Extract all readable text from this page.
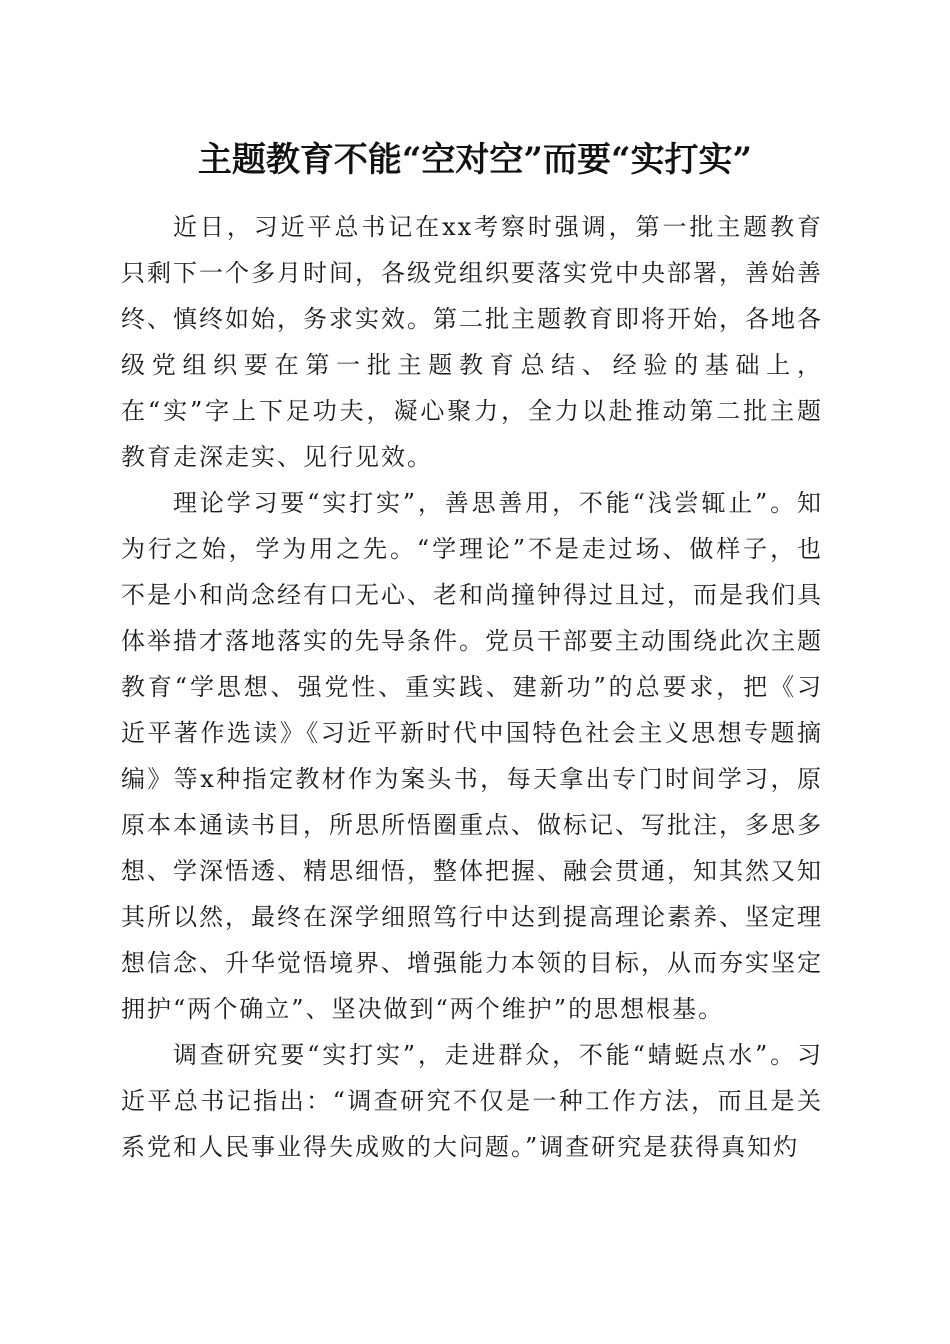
主题教育不能“空对空”而要“实打实”

近日，习近平总书记在xx考察时强调，第一批主题教育只剩下一个多月时间，各级党组织要落实党中央部署，善始善终、慎终如始，务求实效。第二批主题教育即将开始，各地各级党组织要在第一批主题教育总结、经验的基础上，在“实”字上下足功夫，凝心聚力，全力以赴推动第二批主题教育走深走实、见行见效。

理论学习要“实打实”，善思善用，不能“浅尝辄止”。知为行之始，学为用之先。“学理论”不是走过场、做样子，也不是小和尚念经有口无心、老和尚撞钟得过且过，而是我们具体举措才落地落实的先导条件。党员干部要主动围绕此次主题教育“学思想、强党性、重实践、建新功”的总要求，把《习近平著作选读》《习近平新时代中国特色社会主义思想专题摘编》等x种指定教材作为案头书，每天拿出专门时间学习，原原本本通读书目，所思所悟圈重点、做标记、写批注，多思多想、学深悟透、精思细悟，整体把握、融会贯通，知其然又知其所以然，最终在深学细照笃行中达到提高理论素养、坚定理想信念、升华觉悟境界、增强能力本领的目标，从而夯实坚定拥护“两个确立”、坚决做到“两个维护”的思想根基。

调查研究要“实打实”，走进群众，不能“蜻蜓点水”。习近平总书记指出：“调查研究不仅是一种工作方法，而且是关系党和人民事业得失成败的大问题。”调查研究是获得真知灼
